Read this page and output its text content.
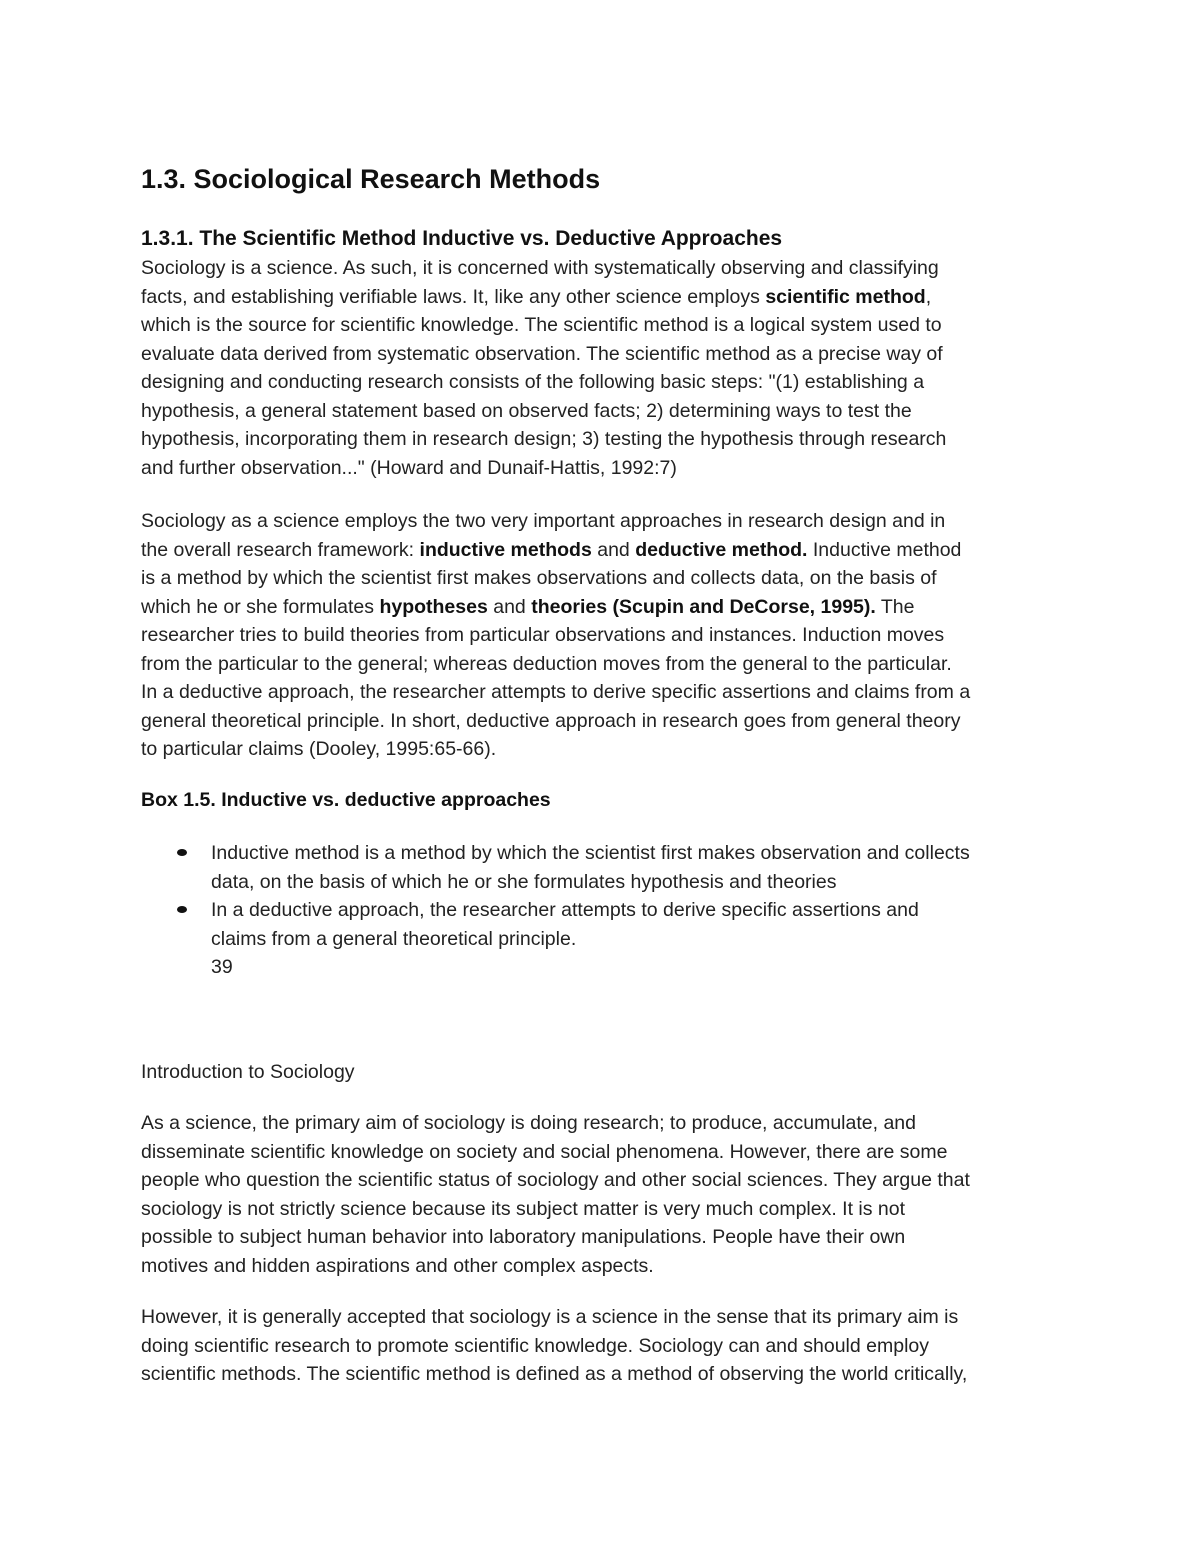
1.3. Sociological Research Methods
1.3.1. The Scientific Method Inductive vs. Deductive Approaches
Sociology is a science. As such, it is concerned with systematically observing and classifying
facts, and establishing verifiable laws. It, like any other science employs scientific method,
which is the source for scientific knowledge. The scientific method is a logical system used to
evaluate data derived from systematic observation. The scientific method as a precise way of
designing and conducting research consists of the following basic steps: "(1) establishing a
hypothesis, a general statement based on observed facts; 2) determining ways to test the
hypothesis, incorporating them in research design; 3) testing the hypothesis through research
and further observation..." (Howard and Dunaif-Hattis, 1992:7)
Sociology as a science employs the two very important approaches in research design and in
the overall research framework: inductive methods and deductive method. Inductive method
is a method by which the scientist first makes observations and collects data, on the basis of
which he or she formulates hypotheses and theories (Scupin and DeCorse, 1995). The
researcher tries to build theories from particular observations and instances. Induction moves
from the particular to the general; whereas deduction moves from the general to the particular.
In a deductive approach, the researcher attempts to derive specific assertions and claims from a
general theoretical principle. In short, deductive approach in research goes from general theory
to particular claims (Dooley, 1995:65-66).
Box 1.5. Inductive vs. deductive approaches
Inductive method is a method by which the scientist first makes observation and collects
data, on the basis of which he or she formulates hypothesis and theories
In a deductive approach, the researcher attempts to derive specific assertions and
claims from a general theoretical principle.
39
Introduction to Sociology
As a science, the primary aim of sociology is doing research; to produce, accumulate, and
disseminate scientific knowledge on society and social phenomena. However, there are some
people who question the scientific status of sociology and other social sciences. They argue that
sociology is not strictly science because its subject matter is very much complex. It is not
possible to subject human behavior into laboratory manipulations. People have their own
motives and hidden aspirations and other complex aspects.
However, it is generally accepted that sociology is a science in the sense that its primary aim is
doing scientific research to promote scientific knowledge. Sociology can and should employ
scientific methods. The scientific method is defined as a method of observing the world critically,
